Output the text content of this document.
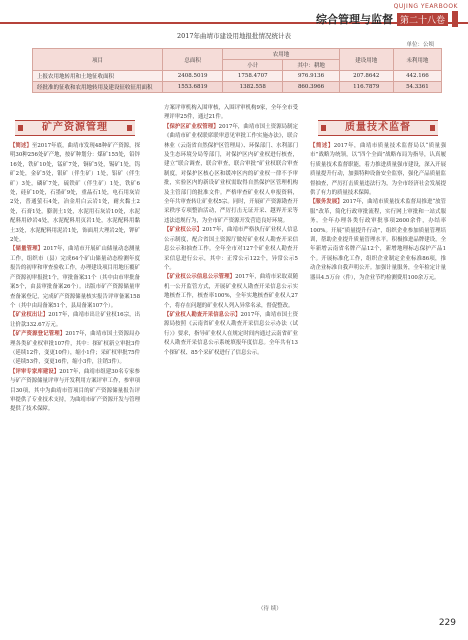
QUJING YEARBOOK
综合管理与监督 第二十八卷
2017年曲靖市建设用地报批情况统计表
单位：公顷
项目	总面积	农用地		建设用地	未利用地
		小计	其中：耕地		
上报农用地转用和土地征收面积	2408.5019	1758.4707	976.9136	207.8642	442.166
经批准的征收和农用地转用及建设征收征用面积	1553.6819	1382.558	860.3966	116.7879	54.3361
矿产资源管理

【简述】至2017年底，曲靖市发现48种矿产资源，探明30种256处矿产地，按矿种划分：煤矿155处，铅锌16处，铁矿10处，锰矿7处，铜矿5处，锡矿1处，钨矿2处，金矿5处，银矿（伴生矿）1处，铝矿（伴生矿）3处，磷矿7处，硫铁矿（伴生矿）1处，铁矿6处，硅矿10处，石墨矿9处，重晶石1处，电石用灰岩2处，普通萤石4处，冶金用白云岩1处，耐火黏土2处，石膏1处，膨润土1处，水泥用石灰岩10处，水泥配料用砂岩4处，水泥配料用页岩1处，水泥配料用黏土3处，水泥配料用泥岩1处，饰面用大理岩2处，钾矿2处。

【储量管理】2017年，曲靖市开展矿山储量动态测量工作，组织市（县）完成64个矿山储量动态检测年度报告的初审和审查验收工作，办理建设项目用地压覆矿产资源初审报批1个，审批备案31个（其中由市审批备案5个，由县审批备案26个）。出版市矿产资源储量审查备案登记，完成矿产资源储量核实报告评审备案158个（其中由局备案51个，县局备案107个）。

【矿业权出让】2017年，曲靖市出让矿业权16宗，出让价款332.67万元。

【矿产资源登记管理】2017年，曲靖市国土资源局办理各类矿业权审批107件，其中：探矿权新立审批3件（延续12件，变更10件），缩小1件；采矿权审批75件（延续53件，变更16件，缩小3件，注销3件）。

【评审专家库建设】2017年，曲靖市组建30名专家参与矿产资源储量评审与开发利用方案评审工作，参审项目30项，其中为曲靖市管项目的矿产资源储量报告评审提供了专业技术支持，为曲靖市矿产资源开发与管理提供了技术保障。

方案评审机构入围审核，入围评审机构9家，全年全市受理评审25件，通过21件。

【保护区矿业权管理】2017年，曲靖市国土资源局制定《曲靖市矿业权联席联审意见审批工作实施办法》，联合林业（云南省自然保护区管理局）、环保部门、水利部门及生态环境分局等部门，对保护区内矿业权进行核查，建立“联合调查，联合审查，联合审批”矿业权联合审查制度，对保护区核心区和缓冲区内的矿业权一律不予审批，实验区内的新设矿业权需取得自然保护区管理机构及主管部门的批准文件。严格审查矿业权人申报资料，全年共审查转让矿业权5宗。同时，开展矿产资源勘查开采秩序专项整治活动，严厉打击无证开采、越界开采等违法违规行为，为全市矿产资源开发营造良好环境。

【矿业权公示】2017年，曲靖市严格执行矿业权人信息公示制度，配合省国土资源厅做好矿业权人勘查开采信息公示和抽查工作。全年全市对127个矿业权人勘查开采信息进行公示，其中：正常公示122个，异常公示5个。

【矿业权公示信息公示管理】2017年，曲靖市采取双随机一公开监管方式，开展矿业权人勘查开采信息公示实地核查工作，核查率100%，全年实地核查矿业权人27个，将存在问题的矿业权人列入异常名录，督促整改。

【矿业权人勘查开采信息公示】2017年，曲靖市国土资源局按照《云南省矿业权人勘查开采信息公示办法（试行）》要求，指导矿业权人在规定时间内通过云南省矿业权人勘查开采信息公示系统填报年度信息。全年共有13个探矿权、85个采矿权进行了信息公示。

（待 续）
质量技术监督

【简述】2017年，曲靖市质量技术监督局以“质量强市”战略为统领，以“四个全面”战略布局为指导，认真履行质量技术监督职能，着力推进质量强市建设，深入开展质量提升行动，加强特种设备安全监察，强化产品质量监督抽查，严厉打击质量违法行为，为全市经济社会发展提供了有力的质量技术保障。

【服务发展】2017年，曲靖市质量技术监督局推进“放管服”改革，简化行政审批流程，实行网上审批和一站式服务，全年办理各类行政审批事项2600余件，办结率100%。开展“质量提升行动”，组织企业参加质量管理培训，帮助企业提升质量管理水平。积极推进品牌建设，全年新增云南省名牌产品12个，新增地理标志保护产品1个。开展标准化工作，组织企业制定企业标准86项，推动企业标准自我声明公开。加强计量服务，全年检定计量器具4.5万台（件），为企业节约检测费用100余万元。

229
